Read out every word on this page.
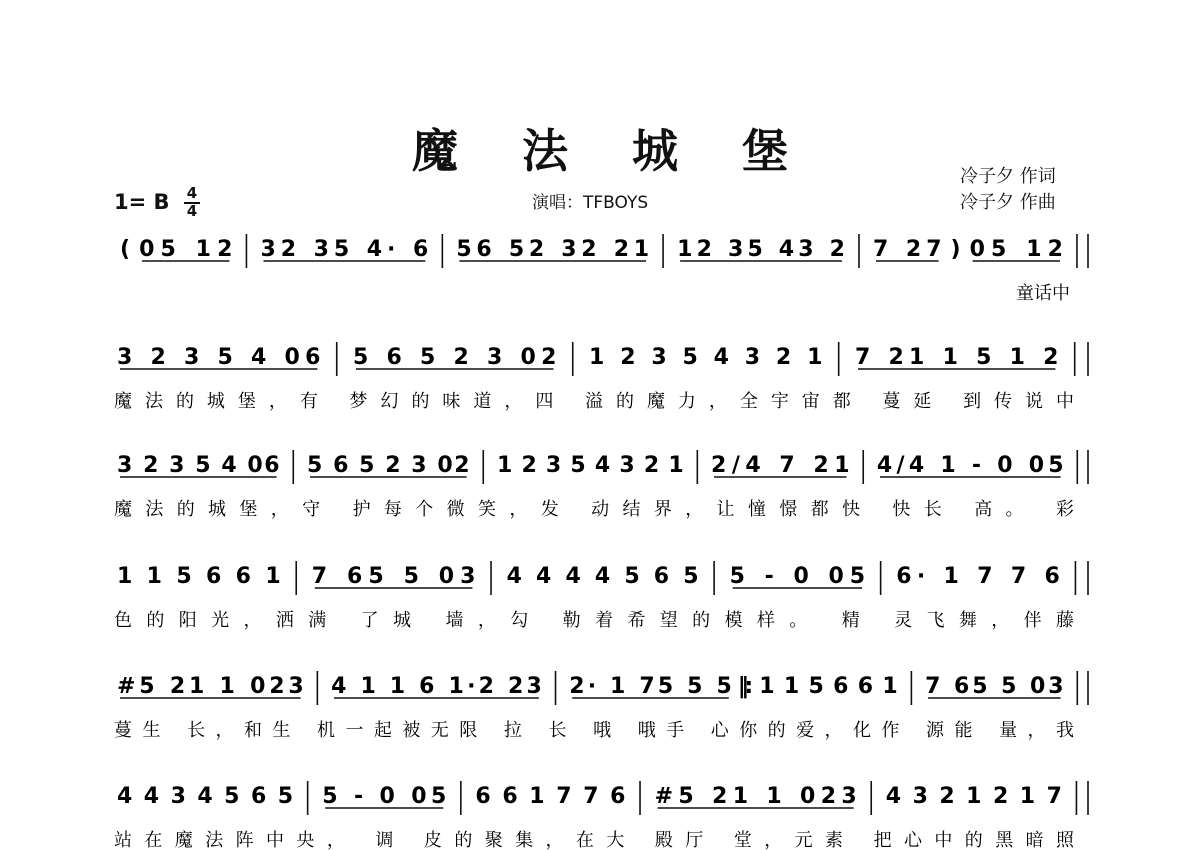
魔 法 城 堡	冷子夕 作词
冷子夕 作曲
演唱：TFBOYS
1= B 4
4
( 05 12 32 35 4· 6 56 52 32 21 12 35 43 2 7 27 ) 05 12
童话中
3 2 3 5 4 06 5 6 5 2 3 02 1 2 3 5 4 3 2 1 7 21 1 5 1 2
魔法的城堡，有 梦幻的味道，四 溢的魔力，全宇宙都 蔓延 到传说中
3 2 3 5 4 06 5 6 5 2 3 02 1 2 3 5 4 3 2 1 2/4 7 21 4/4 1 - 0 05
魔法的城堡，守 护每个微笑，发 动结界，让憧憬都快 快长 高。 彩
1 1 5 6 6 1 7 65 5 03 4 4 4 4 5 6 5 5 - 0 05 6· 1 7 7 6
色的阳光，洒满 了城 墙，勾 勒着希望的模样。 精 灵飞舞，伴藤
#5 21 1 023 4 1 1 6 1·2 23 2· 1 75 5 5 ‖: 1 1 5 6 6 1 7 65 5 03
蔓生 长，和生 机一起被无限 拉 长 哦 哦手 心你的爱，化作 源能 量，我
4 4 3 4 5 6 5 5 - 0 05 6 6 1 7 7 6 #5 21 1 023 4 3 2 1 2 1 7
站在魔法阵中央， 调 皮的聚集，在大 殿厅 堂，元素 把心中的黑暗照
